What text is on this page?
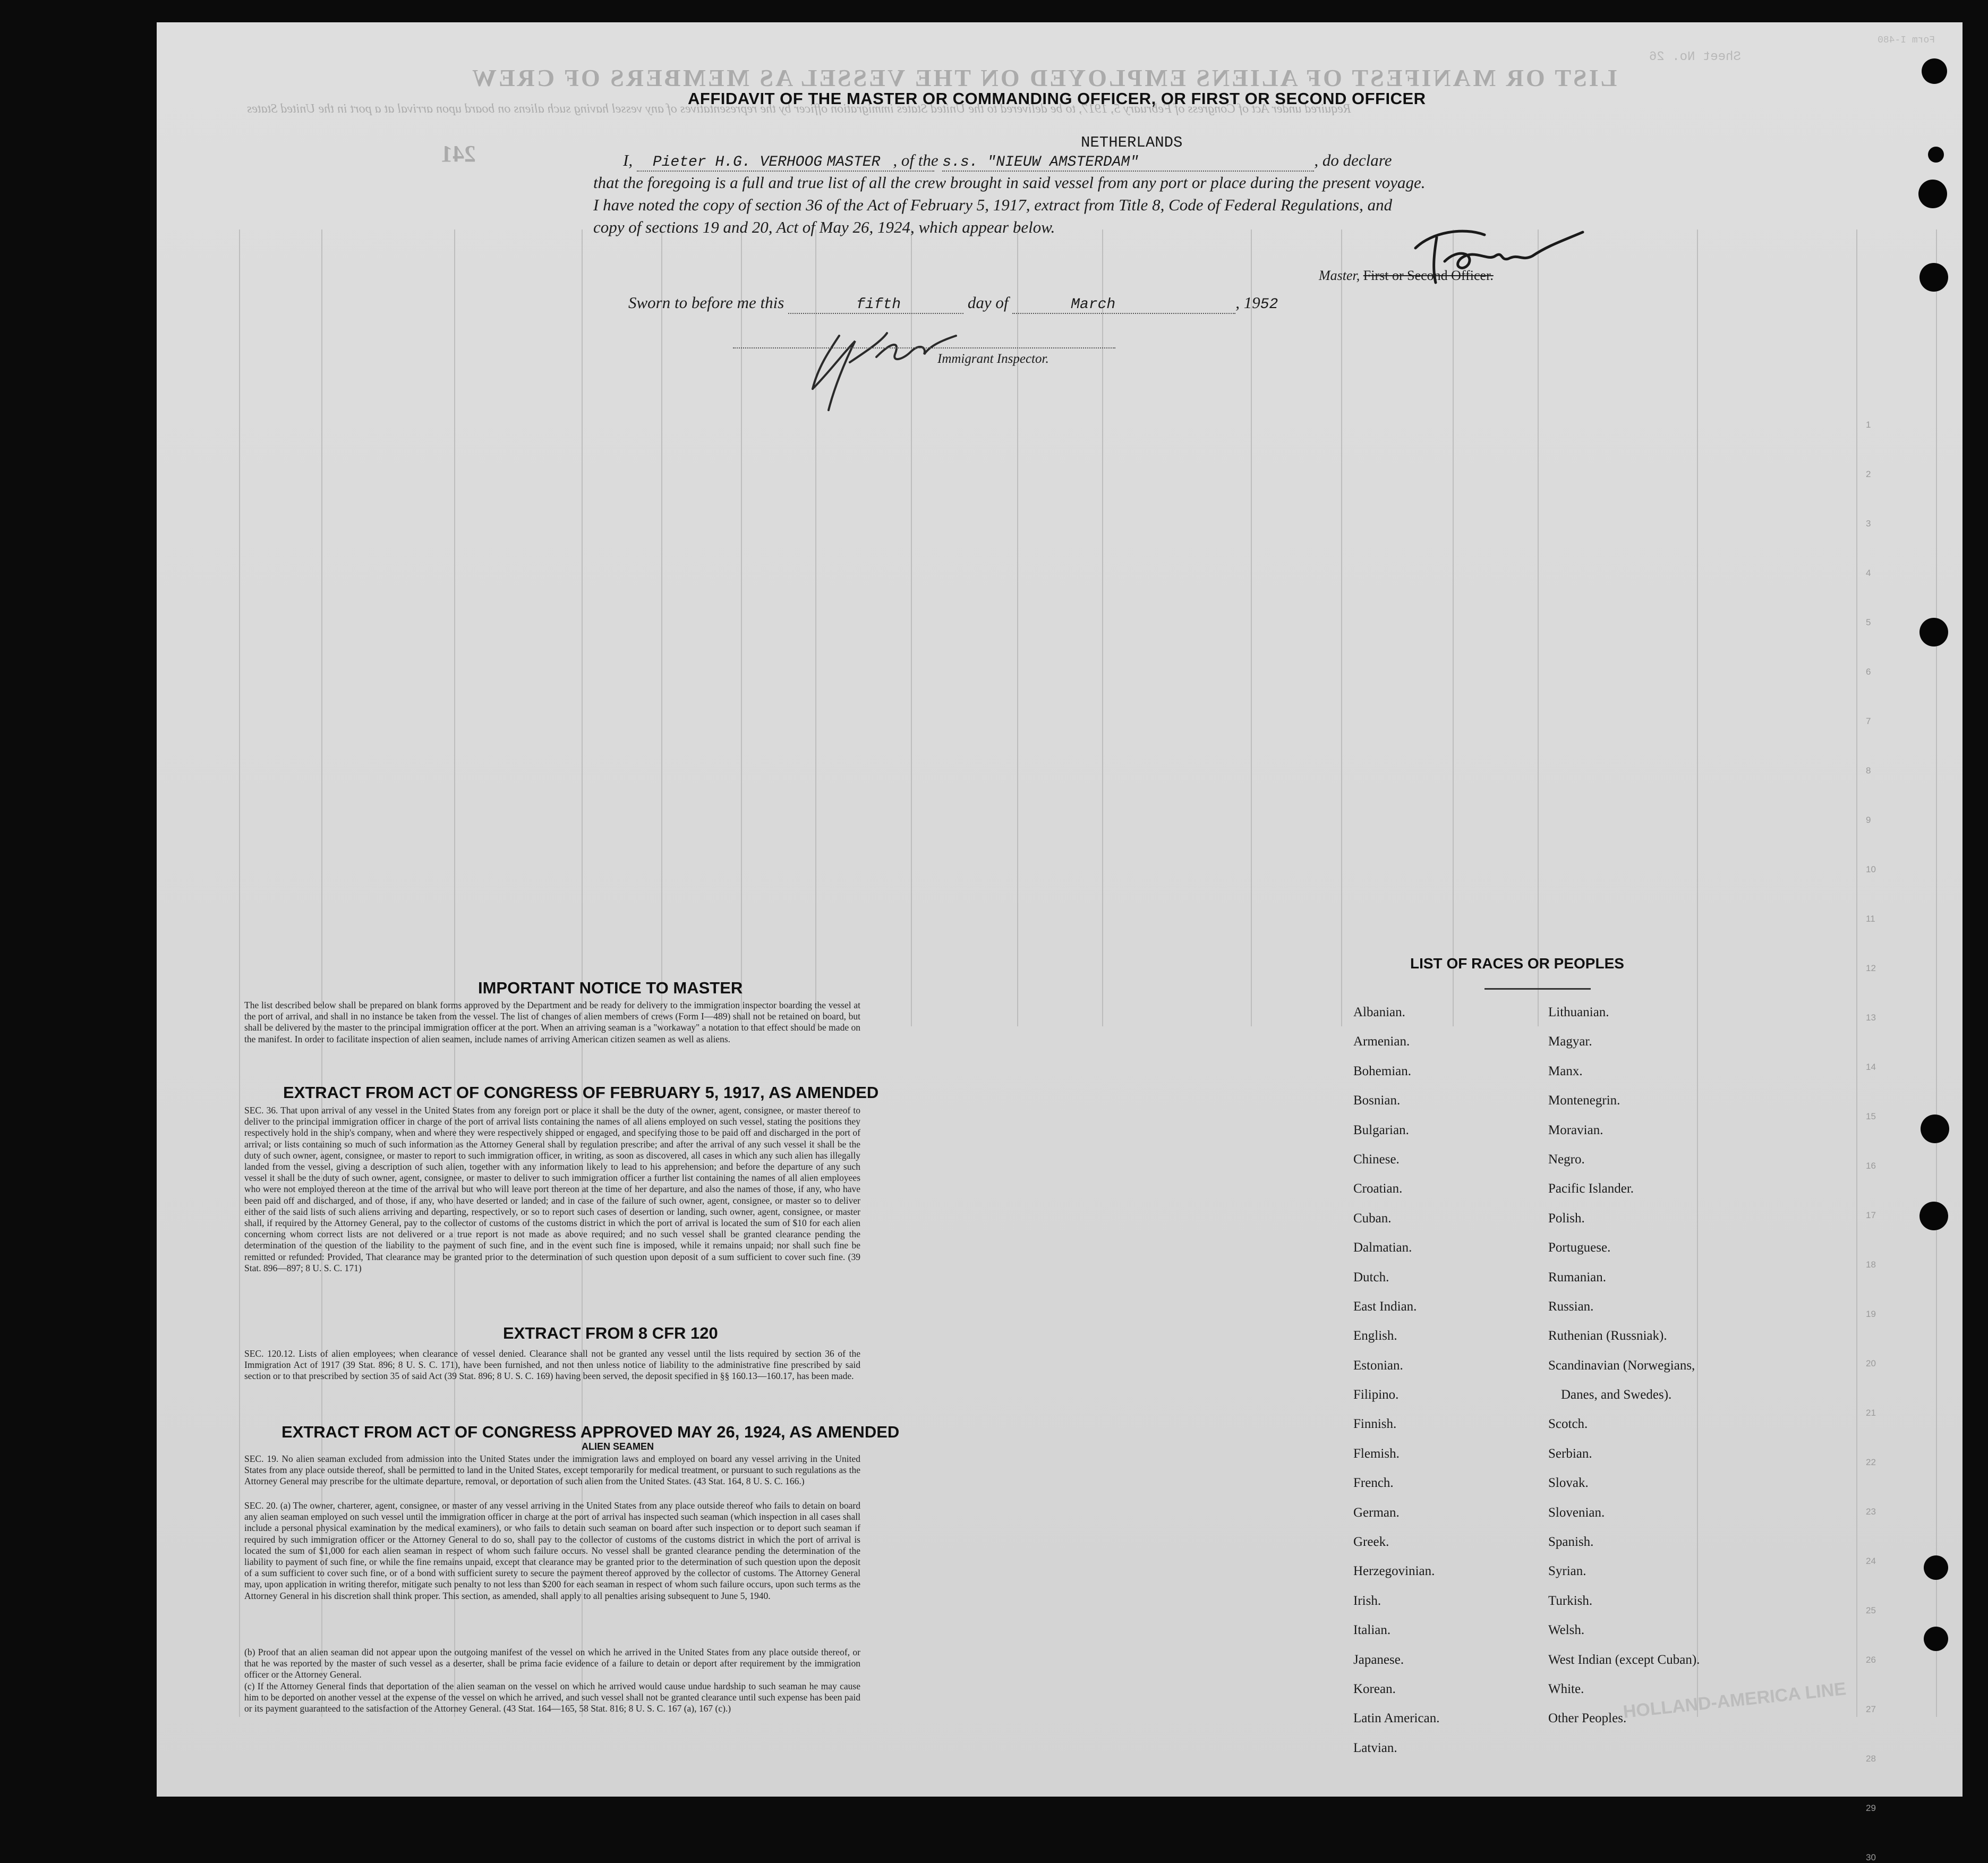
LIST OR MANIFEST OF ALIENS EMPLOYED ON THE VESSEL AS MEMBERS OF CREW
Required under Act of Congress of February 5, 1917, to be delivered to the United States immigration officer by the representatives of any vessel having such aliens on board upon arrival at a port in the United States
241
Form I-480
Sheet No. 26
1
2
3
4
5
6
7
8
9
10
11
12
13
14
15
16
17
18
19
20
21
22
23
24
25
26
27
28
29
30
AFFIDAVIT OF THE MASTER OR COMMANDING OFFICER, OR FIRST OR SECOND OFFICER
NETHERLANDS
I, Pieter H.G. VERHOOG MASTER , of the s.s. "NIEUW AMSTERDAM"	, do declare
that the foregoing is a full and true list of all the crew brought in said vessel from any port or place during the present voyage.
I have noted the copy of section 36 of the Act of February 5, 1917, extract from Title 8, Code of Federal Regulations, and
copy of sections 19 and 20, Act of May 26, 1924, which appear below.
Master, First or Second Officer.
Sworn to before me this	fifth	day of	March	, 1952
Immigrant Inspector.
IMPORTANT NOTICE TO MASTER
The list described below shall be prepared on blank forms approved by the Department and be ready for delivery to the immigration inspector boarding the vessel at the port of arrival, and shall in no instance be taken from the vessel. The list of changes of alien members of crews (Form I—489) shall not be retained on board, but shall be delivered by the master to the principal immigration officer at the port. When an arriving seaman is a "workaway" a notation to that effect should be made on the manifest. In order to facilitate inspection of alien seamen, include names of arriving American citizen seamen as well as aliens.
EXTRACT FROM ACT OF CONGRESS OF FEBRUARY 5, 1917, AS AMENDED
SEC. 36. That upon arrival of any vessel in the United States from any foreign port or place it shall be the duty of the owner, agent, consignee, or master thereof to deliver to the principal immigration officer in charge of the port of arrival lists containing the names of all aliens employed on such vessel, stating the positions they respectively hold in the ship's company, when and where they were respectively shipped or engaged, and specifying those to be paid off and discharged in the port of arrival; or lists containing so much of such information as the Attorney General shall by regulation prescribe; and after the arrival of any such vessel it shall be the duty of such owner, agent, consignee, or master to report to such immigration officer, in writing, as soon as discovered, all cases in which any such alien has illegally landed from the vessel, giving a description of such alien, together with any information likely to lead to his apprehension; and before the departure of any such vessel it shall be the duty of such owner, agent, consignee, or master to deliver to such immigration officer a further list containing the names of all alien employees who were not employed thereon at the time of the arrival but who will leave port thereon at the time of her departure, and also the names of those, if any, who have been paid off and discharged, and of those, if any, who have deserted or landed; and in case of the failure of such owner, agent, consignee, or master so to deliver either of the said lists of such aliens arriving and departing, respectively, or so to report such cases of desertion or landing, such owner, agent, consignee, or master shall, if required by the Attorney General, pay to the collector of customs of the customs district in which the port of arrival is located the sum of $10 for each alien concerning whom correct lists are not delivered or a true report is not made as above required; and no such vessel shall be granted clearance pending the determination of the question of the liability to the payment of such fine, and in the event such fine is imposed, while it remains unpaid; nor shall such fine be remitted or refunded: Provided, That clearance may be granted prior to the determination of such question upon deposit of a sum sufficient to cover such fine. (39 Stat. 896—897; 8 U. S. C. 171)
EXTRACT FROM 8 CFR 120
SEC. 120.12. Lists of alien employees; when clearance of vessel denied. Clearance shall not be granted any vessel until the lists required by section 36 of the Immigration Act of 1917 (39 Stat. 896; 8 U. S. C. 171), have been furnished, and not then unless notice of liability to the administrative fine prescribed by said section or to that prescribed by section 35 of said Act (39 Stat. 896; 8 U. S. C. 169) having been served, the deposit specified in §§ 160.13—160.17, has been made.
EXTRACT FROM ACT OF CONGRESS APPROVED MAY 26, 1924, AS AMENDED
ALIEN SEAMEN
SEC. 19. No alien seaman excluded from admission into the United States under the immigration laws and employed on board any vessel arriving in the United States from any place outside thereof, shall be permitted to land in the United States, except temporarily for medical treatment, or pursuant to such regulations as the Attorney General may prescribe for the ultimate departure, removal, or deportation of such alien from the United States. (43 Stat. 164, 8 U. S. C. 166.)
SEC. 20. (a) The owner, charterer, agent, consignee, or master of any vessel arriving in the United States from any place outside thereof who fails to detain on board any alien seaman employed on such vessel until the immigration officer in charge at the port of arrival has inspected such seaman (which inspection in all cases shall include a personal physical examination by the medical examiners), or who fails to detain such seaman on board after such inspection or to deport such seaman if required by such immigration officer or the Attorney General to do so, shall pay to the collector of customs of the customs district in which the port of arrival is located the sum of $1,000 for each alien seaman in respect of whom such failure occurs. No vessel shall be granted clearance pending the determination of the liability to payment of such fine, or while the fine remains unpaid, except that clearance may be granted prior to the determination of such question upon the deposit of a sum sufficient to cover such fine, or of a bond with sufficient surety to secure the payment thereof approved by the collector of customs. The Attorney General may, upon application in writing therefor, mitigate such penalty to not less than $200 for each seaman in respect of whom such failure occurs, upon such terms as the Attorney General in his discretion shall think proper. This section, as amended, shall apply to all penalties arising subsequent to June 5, 1940.
(b) Proof that an alien seaman did not appear upon the outgoing manifest of the vessel on which he arrived in the United States from any place outside thereof, or that he was reported by the master of such vessel as a deserter, shall be prima facie evidence of a failure to detain or deport after requirement by the immigration officer or the Attorney General.
(c) If the Attorney General finds that deportation of the alien seaman on the vessel on which he arrived would cause undue hardship to such seaman he may cause him to be deported on another vessel at the expense of the vessel on which he arrived, and such vessel shall not be granted clearance until such expense has been paid or its payment guaranteed to the satisfaction of the Attorney General. (43 Stat. 164—165, 58 Stat. 816; 8 U. S. C. 167 (a), 167 (c).)
LIST OF RACES OR PEOPLES
Albanian.
Armenian.
Bohemian.
Bosnian.
Bulgarian.
Chinese.
Croatian.
Cuban.
Dalmatian.
Dutch.
East Indian.
English.
Estonian.
Filipino.
Finnish.
Flemish.
French.
German.
Greek.
Herzegovinian.
Irish.
Italian.
Japanese.
Korean.
Latin American.
Latvian.
Lithuanian.
Magyar.
Manx.
Montenegrin.
Moravian.
Negro.
Pacific Islander.
Polish.
Portuguese.
Rumanian.
Russian.
Ruthenian (Russniak).
Scandinavian (Norwegians,
Danes, and Swedes).
Scotch.
Serbian.
Slovak.
Slovenian.
Spanish.
Syrian.
Turkish.
Welsh.
West Indian (except Cuban).
White.
Other Peoples.
HOLLAND-AMERICA LINE
